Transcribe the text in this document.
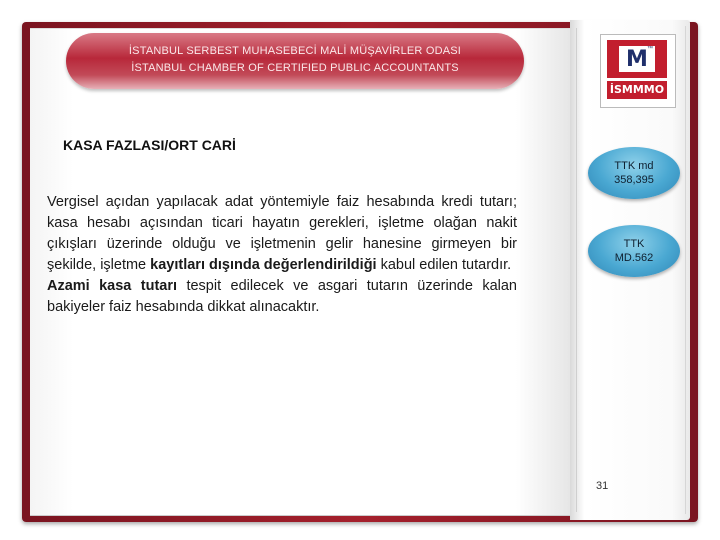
İSTANBUL SERBEST MUHASEBECİ MALİ MÜŞAVİRLER ODASI
İSTANBUL CHAMBER OF CERTIFIED PUBLIC ACCOUNTANTS	M ™
İSMMMO
KASA FAZLASI/ORT CARİ
Vergisel açıdan yapılacak adat yöntemiyle faiz hesabında kredi tutarı; kasa hesabı açısından ticari hayatın gerekleri, işletme olağan nakit çıkışları üzerinde olduğu ve işletmenin gelir hanesine girmeyen bir şekilde, işletme kayıtları dışında değerlendirildiği kabul edilen tutardır.
Azami kasa tutarı tespit edilecek ve asgari tutarın üzerinde kalan bakiyeler faiz hesabında dikkat alınacaktır.
TTK md
358,395
TTK
MD.562
31
